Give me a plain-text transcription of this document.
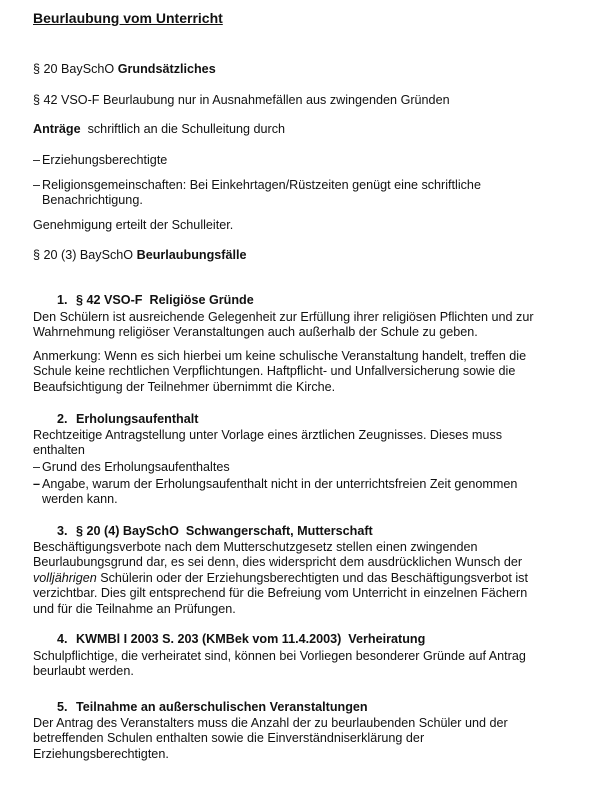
Beurlaubung vom Unterricht
§ 20 BaySchO Grundsätzliches
§ 42 VSO-F Beurlaubung nur in Ausnahmefällen aus zwingenden Gründen
Anträge  schriftlich an die Schulleitung durch
– Erziehungsberechtigte
– Religionsgemeinschaften: Bei Einkehrtagen/Rüstzeiten genügt eine schriftliche
Benachrichtigung.
Genehmigung erteilt der Schulleiter.
§ 20 (3) BaySchO Beurlaubungsfälle
1. § 42 VSO-F  Religiöse Gründe
Den Schülern ist ausreichende Gelegenheit zur Erfüllung ihrer religiösen Pflichten und zur
Wahrnehmung religiöser Veranstaltungen auch außerhalb der Schule zu geben.
Anmerkung: Wenn es sich hierbei um keine schulische Veranstaltung handelt, treffen die
Schule keine rechtlichen Verpflichtungen. Haftpflicht- und Unfallversicherung sowie die
Beaufsichtigung der Teilnehmer übernimmt die Kirche.
2. Erholungsaufenthalt
Rechtzeitige Antragstellung unter Vorlage eines ärztlichen Zeugnisses. Dieses muss
enthalten
– Grund des Erholungsaufenthaltes
– Angabe, warum der Erholungsaufenthalt nicht in der unterrichtsfreien Zeit genommen
werden kann.
3. § 20 (4) BaySchO  Schwangerschaft, Mutterschaft
Beschäftigungsverbote nach dem Mutterschutzgesetz stellen einen zwingenden
Beurlaubungsgrund dar, es sei denn, dies widerspricht dem ausdrücklichen Wunsch der
volljährigen Schülerin oder der Erziehungsberechtigten und das Beschäftigungsverbot ist
verzichtbar. Dies gilt entsprechend für die Befreiung vom Unterricht in einzelnen Fächern
und für die Teilnahme an Prüfungen.
4. KWMBl I 2003 S. 203 (KMBek vom 11.4.2003)  Verheiratung
Schulpflichtige, die verheiratet sind, können bei Vorliegen besonderer Gründe auf Antrag
beurlaubt werden.
5. Teilnahme an außerschulischen Veranstaltungen
Der Antrag des Veranstalters muss die Anzahl der zu beurlaubenden Schüler und der
betreffenden Schulen enthalten sowie die Einverständniserklärung der
Erziehungsberechtigten.
